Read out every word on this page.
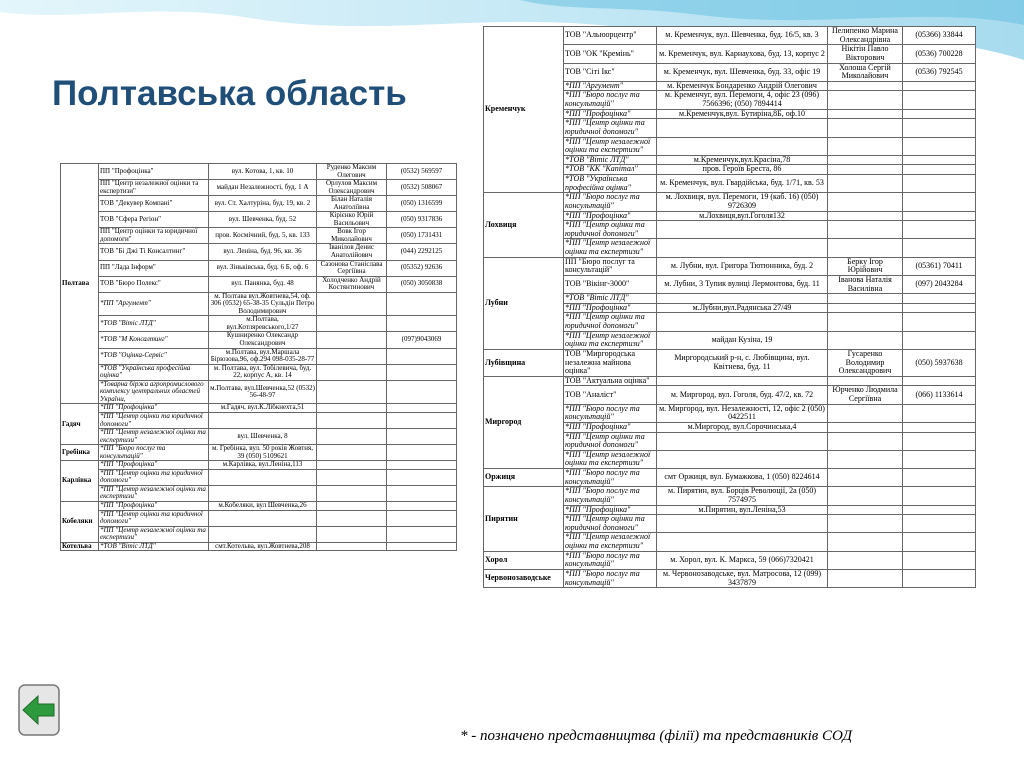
Полтавська область
Полтава	ПП "Профоцінка"	вул. Котова, 1, кв. 10	Руденко Максим Олегович	(0532) 569597
	ПП "Центр незалежної оцінки та експертизи"	майдан Незалежності, буд. 1 А	Орлулов Максим Олександрович	(0532) 508067
	ТОВ "Декувер Компані"	вул. Ст. Халтуріна, буд. 19, кв. 2	Білан Наталія Анатоліївна	(050) 1316599
	ТОВ "Сфера Регіон"	вул. Шевченка, буд. 52	Кірієнко Юрій Васильович	(050) 9317836
	ПП "Центр оцінки та юридичної допомоги"	пров. Космічний, буд. 5, кв. 133	Вовк Ігор Миколайович	(050) 1731431
	ТОВ "Бі Джі Ті Консалтинг"	вул. Леніна, буд. 96, кв. 36	Іванілов Денис Анатолійович	(044) 2292125
	ПП "Лада Інформ"	вул. Зіньківська, буд. 6 Б, оф. 6	Сазонова Станіслава Сергіївна	(05352) 92636
	ТОВ "Бюро Полекс"	вул. Панянка, буд. 48	Холодченко Андрій Костянтинович	(050) 3050838
	*ПП "Аргумент"	м. Полтава вул.Жовтнева,54, оф. 306 (0532) 65-38-35 Сульдін Петро Володимирович		
	*ТОВ "Вітіс ЛТД"	м.Полтава, вул.Котляревського,1/27		
	*ТОВ "М Консалтинг"	Кушниренко Олександр Олександрович		(097)9043069
	*ТОВ "Оцінка-Сервіс"	м.Полтава, вул.Маршала Бірюзова,96, оф.294 098-035-28-77		
	*ТОВ "Українська професійна оцінка"	м. Полтава, вул. Тобілевича, буд. 22, корпус А, кв. 14		
	*Товарна біржа агропромислового комплексу центральних областей України,	м.Полтава, вул.Шевченка,52 (0532) 56-48-97		
Гадяч	*ПП "Профоцінка"	м.Гадяч, вул.К.Лібкнехта,51		
	*ПП "Центр оцінки та юридичної допомоги"			
	*ПП "Центр незалежної оцінки та експертизи"	вул. Шевченка, 8		
Гребінка	*ПП "Бюро послуг та консультацій"	м. Гребінка, вул. 50 років Жовтня, 39 (050) 5109621		
Карлівка	*ПП "Профоцінка"	м.Карлівка, вул.Леніна,113		
	*ПП "Центр оцінки та юридичної допомоги"			
	*ПП "Центр незалежної оцінки та експертизи"			
Кобеляки	*ПП "Профоцінка"	м.Кобеляки, вул Шевченка,26		
	*ПП "Центр оцінки та юридичної допомоги"			
	*ПП "Центр незалежної оцінки та експертизи"			
Котельва	*ТОВ "Вітіс ЛТД"	смт.Котельва, вул.Жовтнева,208		
Кременчук	ТОВ "Альюорцентр"	м. Кременчук, вул. Шевченка, буд. 16/5, кв. 3	Пелипенко Марина Олександрівна	(05366) 33844
	ТОВ "ОК "Кремінь"	м. Кременчук, вул. Карнаухова, буд. 13, корпус 2	Нікітін Павло Вікторович	(0536) 700228
	ТОВ "Сіті Ікс"	м. Кременчук, вул. Шевченка, буд. 33, офіс 19	Холоша Сергій Миколайович	(0536) 792545
	*ПП "Аргумент"	м. Кременчук Бондаренко Андрій Олегович		
	*ПП "Бюро послуг та консультацій"	м. Кременчуг, вул. Перемоги, 4, офіс 23 (096) 7566396; (050) 7894414		
	*ПП "Профоцінка"	м.Кременчук,вул. Бутиріна,8Б, оф.10		
	*ПП "Центр оцінки та юридичної допомоги"			
	*ПП "Центр незалежної оцінки та експертизи"			
	*ТОВ "Вітіс ЛТД"	м.Кременчук,вул.Красіна,78		
	*ТОВ "КК "Капітал"	пров. Героїв Бреста, 86		
	*ТОВ "Українська професійна оцінка"	м. Кременчук, вул. Гвардійська, буд. 1/71, кв. 53		
Лохвиця	*ПП "Бюро послуг та консультацій"	м. Лохвиця, вул. Перемоги, 19 (каб. 16) (050) 9726309		
	*ПП "Профоцінка"	м.Лохвиця,вул.Гоголя132		
	*ПП "Центр оцінки та юридичної допомоги"			
	*ПП "Центр незалежної оцінки та експертизи"			
Лубни	ПП "Бюро послуг та консультацій"	м. Лубни, вул. Григора Тютюнника, буд. 2	Берку Ігор Юрійович	(05361) 70411
	ТОВ "Вікінг-3000"	м. Лубни, 3 Тупик вулиці Лермонтова, буд. 11	Іванова Наталія Василівна	(097) 2043284
	*ТОВ "Вітіс ЛТД"			
	*ПП "Профоцінка"	м.Лубни,вул.Радянська 27/49		
	*ПП "Центр оцінки та юридичної допомоги"			
	*ПП "Центр незалежної оцінки та експертизи"	майдан Кузіна, 19		
Лубівщина	ТОВ "Миргородська незалежна майнова оцінка"	Миргородський р-н, с. Любівщина, вул. Квітнева, буд. 11	Гусаренко Володимир Олександрович	(050) 5937638
Миргород	ТОВ "Актуальна оцінка"			
	ТОВ "Аналіст"	м. Миргород, вул. Гоголя, буд. 47/2, кв. 72	Юрченко Людмила Сергіївна	(066) 1133614
	*ПП "Бюро послуг та консультацій"	м. Миргород, вул. Незалежності, 12, офіс 2 (050) 0422511		
	*ПП "Профоцінка"	м.Миргород, вул.Сорочинська,4		
	*ПП "Центр оцінки та юридичної допомоги"			
	*ПП "Центр незалежної оцінки та експертизи"			
Оржиця	*ПП "Бюро послуг та консультацій"	смт Оржиця, вул. Бумажкова, 1 (050) 8224614		
Пирятин	*ПП "Бюро послуг та консультацій"	м. Пирятин, вул. Борців Революції, 2а (050) 7574975		
	*ПП "Профоцінка"	м.Пирятин, вул.Леніна,53		
	*ПП "Центр оцінки та юридичної допомоги"			
	*ПП "Центр незалежної оцінки та експертизи"			
Хорол	*ПП "Бюро послуг та консультацій"	м. Хорол, вул. К. Маркса, 59 (066)7320421		
Червонозаводське	*ПП "Бюро послуг та консультацій"	м. Червонозаводське, вул. Матросова, 12 (099) 3437879		
* - позначено представництва (філії) та представників СОД
